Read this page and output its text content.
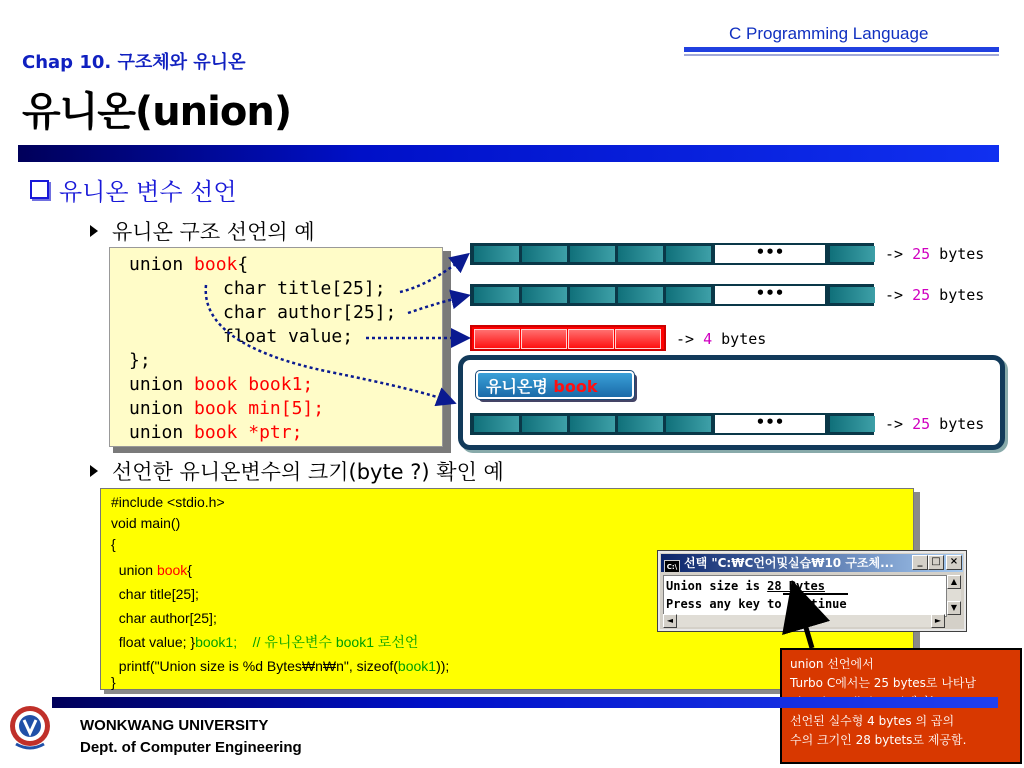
C Programming Language
Chap 10. 구조체와 유니온
유니온(union)
유니온 변수 선언
유니온 구조 선언의 예
선언한 유니온변수의 크기(byte ?) 확인 예
union book{
char title[25];
char author[25];
float value;
};
union book book1;
union book min[5];
union book *ptr;
•••	-> 25 bytes
•••	-> 25 bytes
-> 4 bytes
유니온명 book
•••	-> 25 bytes
#include <stdio.h>
void main()
{
union book{
char title[25];
char author[25];
float value; }book1;    // 유니온변수 book1 로선언
printf("Union size is %d Bytes₩n₩n", sizeof(book1));
}
C:\ 선택 "C:₩C언어및실습₩10 구조체...	_ □ ×
Union size is 28 Bytes
Press any key to continue
▲
▼
◄	►
union 선언에서
Turbo C에서는 25 bytes로 나타남
선언된 실수형 4 bytes 의 곱의
수의 크기인 28 bytets로 제공함.
WONKWANG UNIVERSITY
Dept. of Computer Engineering
